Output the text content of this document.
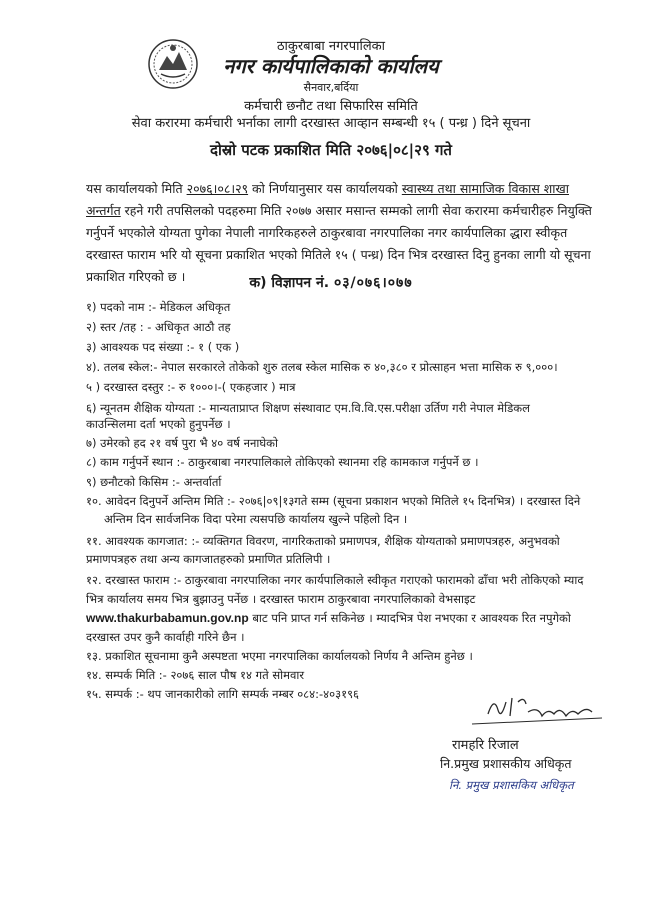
ठाकुरबाबा नगरपालिका
नगर कार्यपालिकाको कार्यालय
सैनवार,बर्दिया
कर्मचारी छनौट तथा सिफारिस समिति
सेवा करारमा कर्मचारी भर्नाका लागी दरखास्त आव्हान सम्बन्धी १५ ( पन्ध्र ) दिने सूचना
दोस्रो पटक प्रकाशित मिति २०७६|०८|२९ गते
यस कार्यालयको मिति २०७६।०८।२९ को निर्णयानुसार यस कार्यालयको स्वास्थ्य तथा सामाजिक विकास शाखा अन्तर्गत रहने गरी तपसिलको पदहरुमा मिति २०७७ असार मसान्त सम्मको लागी सेवा करारमा कर्मचारीहरु नियुक्ति गर्नुपर्ने भएकोले योग्यता पुगेका नेपाली नागरिकहरुले ठाकुरबावा नगरपालिका नगर कार्यपालिका द्धारा स्वीकृत दरखास्त फाराम भरि यो सूचना प्रकाशित भएको मितिले १५ ( पन्ध्र) दिन भित्र दरखास्त दिनु हुनका लागी यो सूचना प्रकाशित गरिएको छ ।	क) विज्ञापन नं. ०३/०७६।०७७
१) पदको नाम :- मेडिकल अधिकृत
२) स्तर /तह : - अधिकृत आठौ तह
३) आवश्यक पद संख्या :- १ ( एक )
४). तलब स्केल:- नेपाल सरकारले तोकेको शुरु तलब स्केल मासिक रु ४०,३८० र प्रोत्साहन भत्ता मासिक रु ९,०००।
५ ) दरखास्त दस्तुर :- रु १०००।-( एकहजार ) मात्र
६) न्यूनतम शैक्षिक योग्यता :- मान्यताप्राप्त शिक्षण संस्थावाट एम.वि.वि.एस.परीक्षा उर्तिण गरी नेपाल मेडिकल
काउन्सिलमा दर्ता भएको हुनुपर्नेछ ।
७) उमेरको हद २१ वर्ष पुरा भै ४० वर्ष ननाघेको
८) काम गर्नुपर्ने स्थान :- ठाकुरबाबा नगरपालिकाले तोकिएको स्थानमा रहि कामकाज गर्नुपर्ने छ ।
९) छनौटको किसिम :- अन्तर्वार्ता
१०. आवेदन दिनुपर्ने अन्तिम मिति :- २०७६|०९|१३गते सम्म (सूचना प्रकाशन भएको मितिले १५ दिनभित्र) । दरखास्त दिने
अन्तिम दिन सार्वजनिक विदा परेमा त्यसपछि कार्यालय खुल्ने पहिलो दिन ।
११. आवश्यक कागजात: :- व्यक्तिगत विवरण, नागरिकताको प्रमाणपत्र, शैक्षिक योग्यताको प्रमाणपत्रहरु, अनुभवको
प्रमाणपत्रहरु तथा अन्य कागजातहरुको प्रमाणित प्रतिलिपी ।
१२. दरखास्त फाराम :- ठाकुरबावा नगरपालिका नगर कार्यपालिकाले स्वीकृत गराएको फारामको ढाँचा भरी तोकिएको म्याद
भित्र कार्यालय समय भित्र बुझाउनु पर्नेछ । दरखास्त फाराम ठाकुरबावा नगरपालिकाको वेभसाइट
www.thakurbabamun.gov.np बाट पनि प्राप्त गर्न सकिनेछ । म्यादभित्र पेश नभएका र आवश्यक रित नपुगेको
दरखास्त उपर कुनै कार्वाही गरिने छैन ।
१३. प्रकाशित सूचनामा कुनै अस्पष्टता भएमा नगरपालिका कार्यालयको निर्णय नै अन्तिम हुनेछ ।
१४. सम्पर्क मिति :- २०७६ साल पौष १४ गते सोमवार
१५. सम्पर्क :- थप जानकारीको लागि सम्पर्क नम्बर ०८४:-४०३१९६
रामहरि रिजाल
नि.प्रमुख प्रशासकीय अधिकृत
नि. प्रमुख प्रशासकिय अधिकृत
